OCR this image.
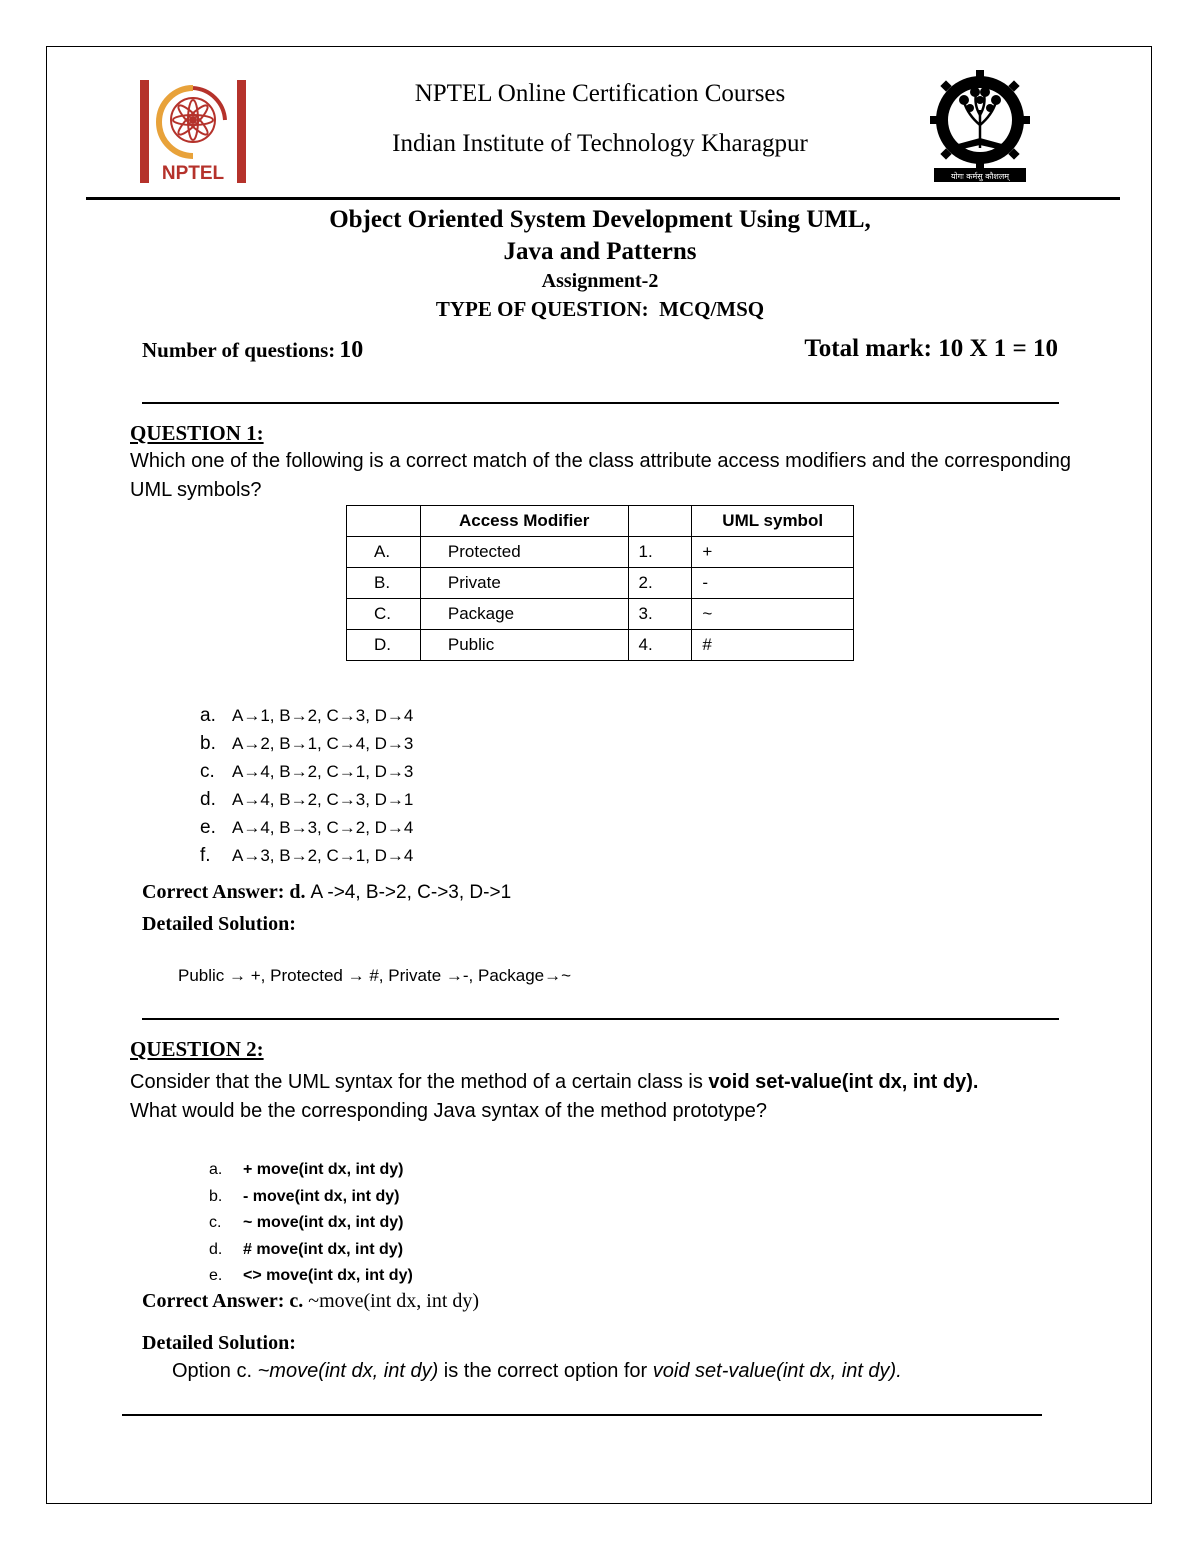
NPTEL	योगः कर्मसु कौशलम्
NPTEL Online Certification Courses
Indian Institute of Technology Kharagpur
Object Oriented System Development Using UML,
Java and Patterns
Assignment-2
TYPE OF QUESTION:  MCQ/MSQ
Number of questions: 10	Total mark: 10 X 1 = 10
QUESTION 1:
Which one of the following is a correct match of the class attribute access modifiers and the corresponding UML symbols?
	Access Modifier		UML symbol
A.	Protected	1.	+
B.	Private	2.	-
C.	Package	3.	~
D.	Public	4.	#
a. A→1, B→2, C→3, D→4
b. A→2, B→1, C→4, D→3
c. A→4, B→2, C→1, D→3
d. A→4, B→2, C→3, D→1
e. A→4, B→3, C→2, D→4
f. A→3, B→2, C→1, D→4
Correct Answer: d. A ->4, B->2, C->3, D->1
Detailed Solution:
Public → +, Protected → #, Private →-, Package→~
QUESTION 2:
Consider that the UML syntax for the method of a certain class is void set-value(int dx, int dy).
What would be the corresponding Java syntax of the method prototype?
a. + move(int dx, int dy)
b. - move(int dx, int dy)
c. ~ move(int dx, int dy)
d. # move(int dx, int dy)
e. <> move(int dx, int dy)
Correct Answer: c. ~move(int dx, int dy)
Detailed Solution:
Option c. ~move(int dx, int dy) is the correct option for void set-value(int dx, int dy).
